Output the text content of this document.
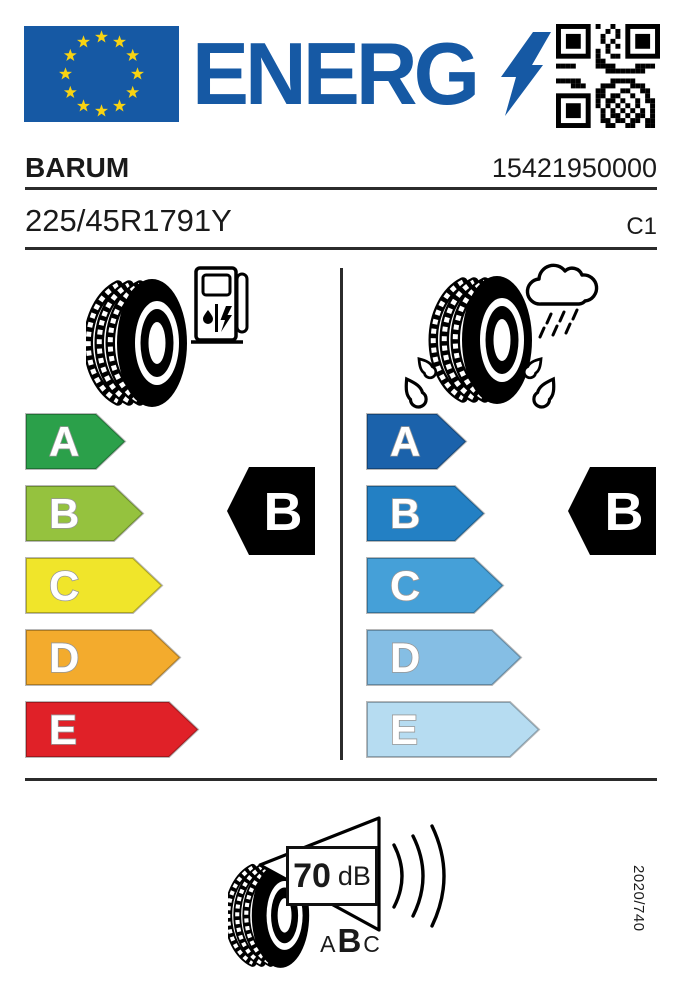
ENERG
BARUM	15421950000
225/45R1791Y	C1
A
B
C
D
E
B
A
B
C
D
E
B
70 dB
A B C
2020/740
